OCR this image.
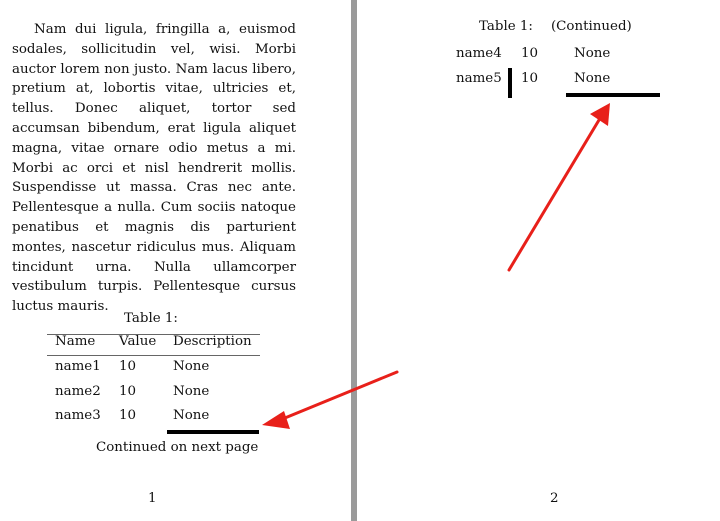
Nam dui ligula, fringilla a, euismod sodales, sollicitudin vel, wisi. Morbi auctor lorem non justo. Nam lacus libero, pretium at, lobortis vitae, ultricies et, tellus. Donec aliquet, tortor sed accumsan bibendum, erat ligula aliquet magna, vitae ornare odio metus a mi. Morbi ac orci et nisl hendrerit mollis. Suspendisse ut massa. Cras nec ante. Pellentesque a nulla. Cum sociis natoque penatibus et magnis dis parturient montes, nascetur ridiculus mus. Aliquam tincidunt urna. Nulla ullamcorper vestibulum turpis. Pellentesque cursus luctus mauris.

Table 1:
Name Value Description
name1 10	None
name2 10	None
name3 10	None
Continued on next page
1
Table 1: (Continued)
name4 10	None
name5 10	None
2
